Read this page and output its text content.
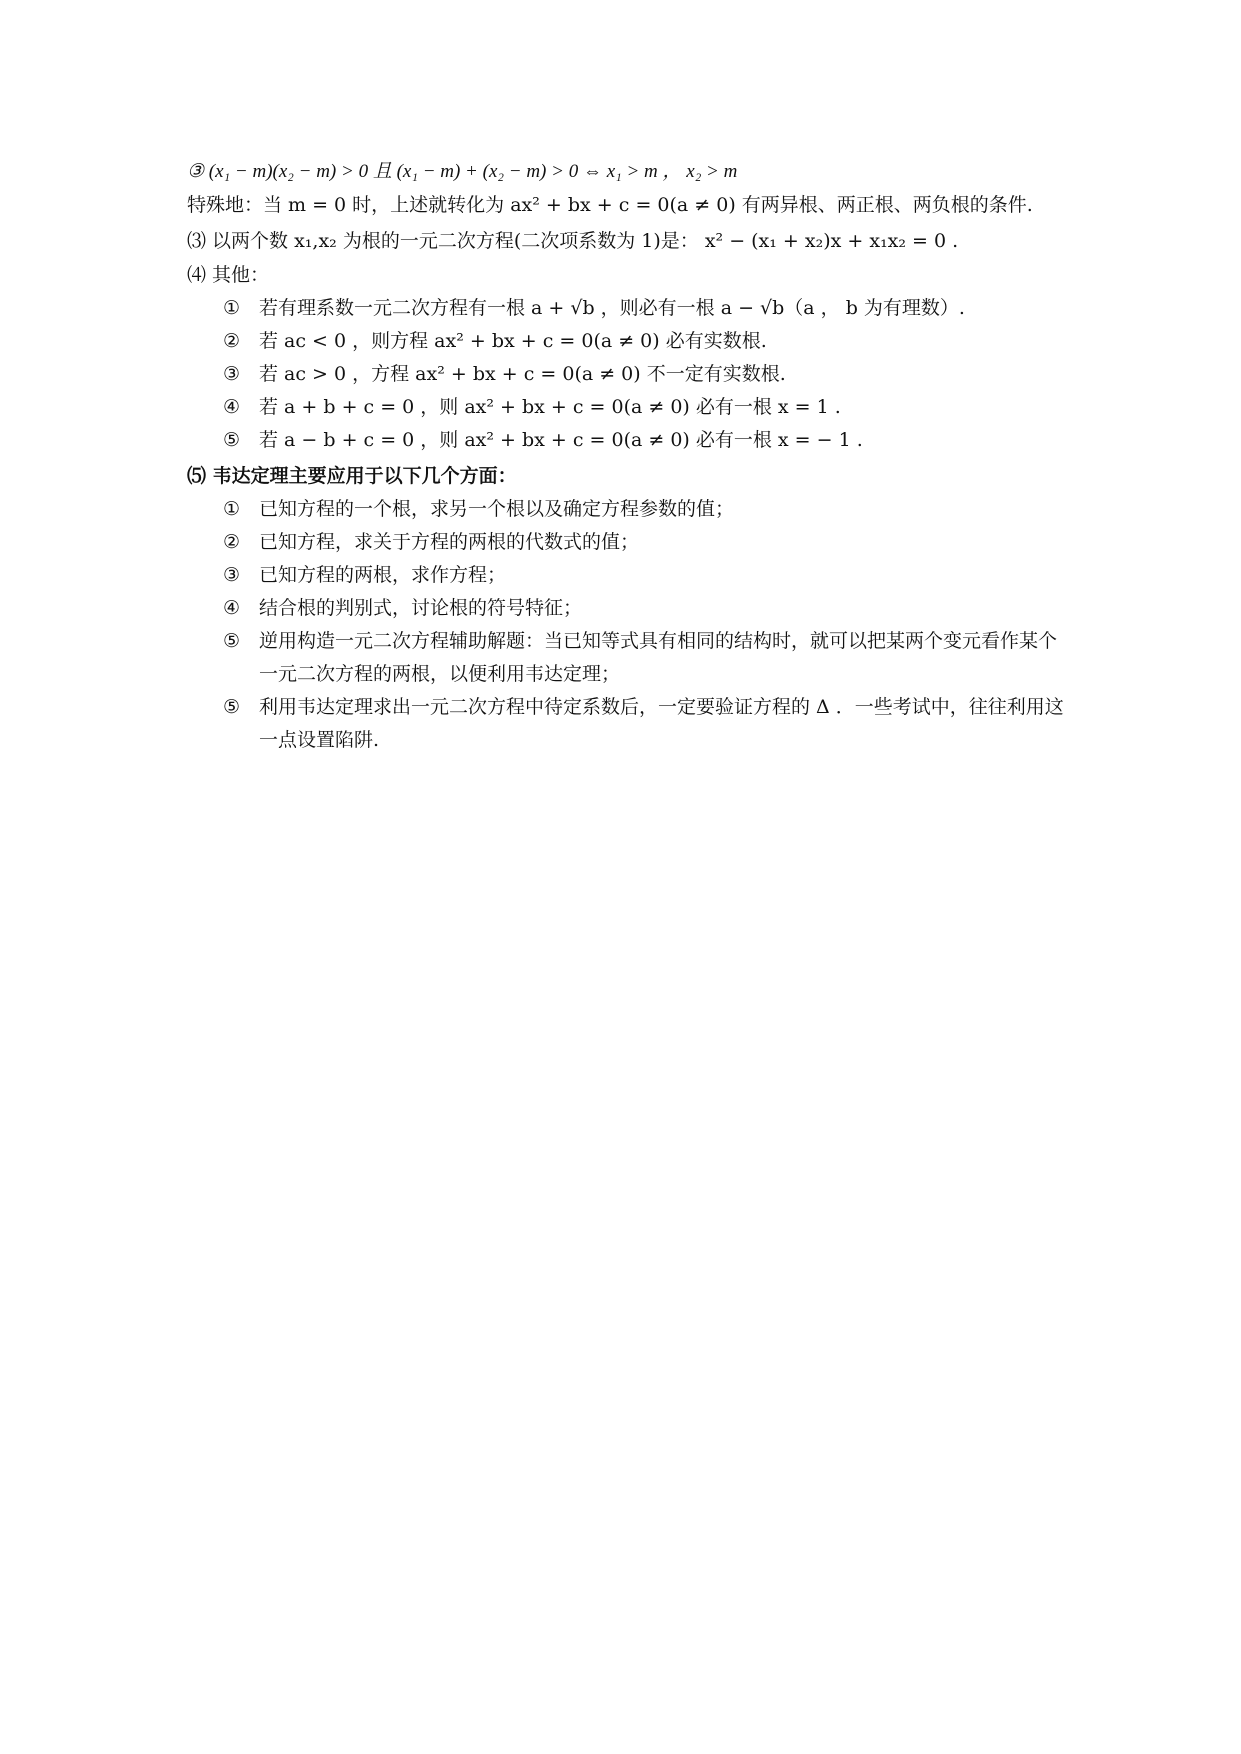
③ (x₁ − m)(x₂ − m) > 0 且 (x₁ − m) + (x₂ − m) > 0 ⇔ x₁ > m ， x₂ > m
特殊地：当 m = 0 时，上述就转化为 ax² + bx + c = 0(a ≠ 0) 有两异根、两正根、两负根的条件.
⑶ 以两个数 x₁,x₂ 为根的一元二次方程(二次项系数为 1)是： x² − (x₁ + x₂)x + x₁x₂ = 0 .
⑷ 其他：
① 若有理系数一元二次方程有一根 a + √b ，则必有一根 a − √b（a ， b 为有理数）.
② 若 ac < 0 ，则方程 ax² + bx + c = 0(a ≠ 0) 必有实数根.
③ 若 ac > 0 ，方程 ax² + bx + c = 0(a ≠ 0) 不一定有实数根.
④ 若 a + b + c = 0 ，则 ax² + bx + c = 0(a ≠ 0) 必有一根 x = 1 .
⑤ 若 a − b + c = 0 ，则 ax² + bx + c = 0(a ≠ 0) 必有一根 x = − 1 .
⑸ 韦达定理主要应用于以下几个方面：
① 已知方程的一个根，求另一个根以及确定方程参数的值；
② 已知方程，求关于方程的两根的代数式的值；
③ 已知方程的两根，求作方程；
④ 结合根的判别式，讨论根的符号特征；
⑤ 逆用构造一元二次方程辅助解题：当已知等式具有相同的结构时，就可以把某两个变元看作某个一元二次方程的两根，以便利用韦达定理；
⑤ 利用韦达定理求出一元二次方程中待定系数后，一定要验证方程的 Δ ．一些考试中，往往利用这一点设置陷阱.
